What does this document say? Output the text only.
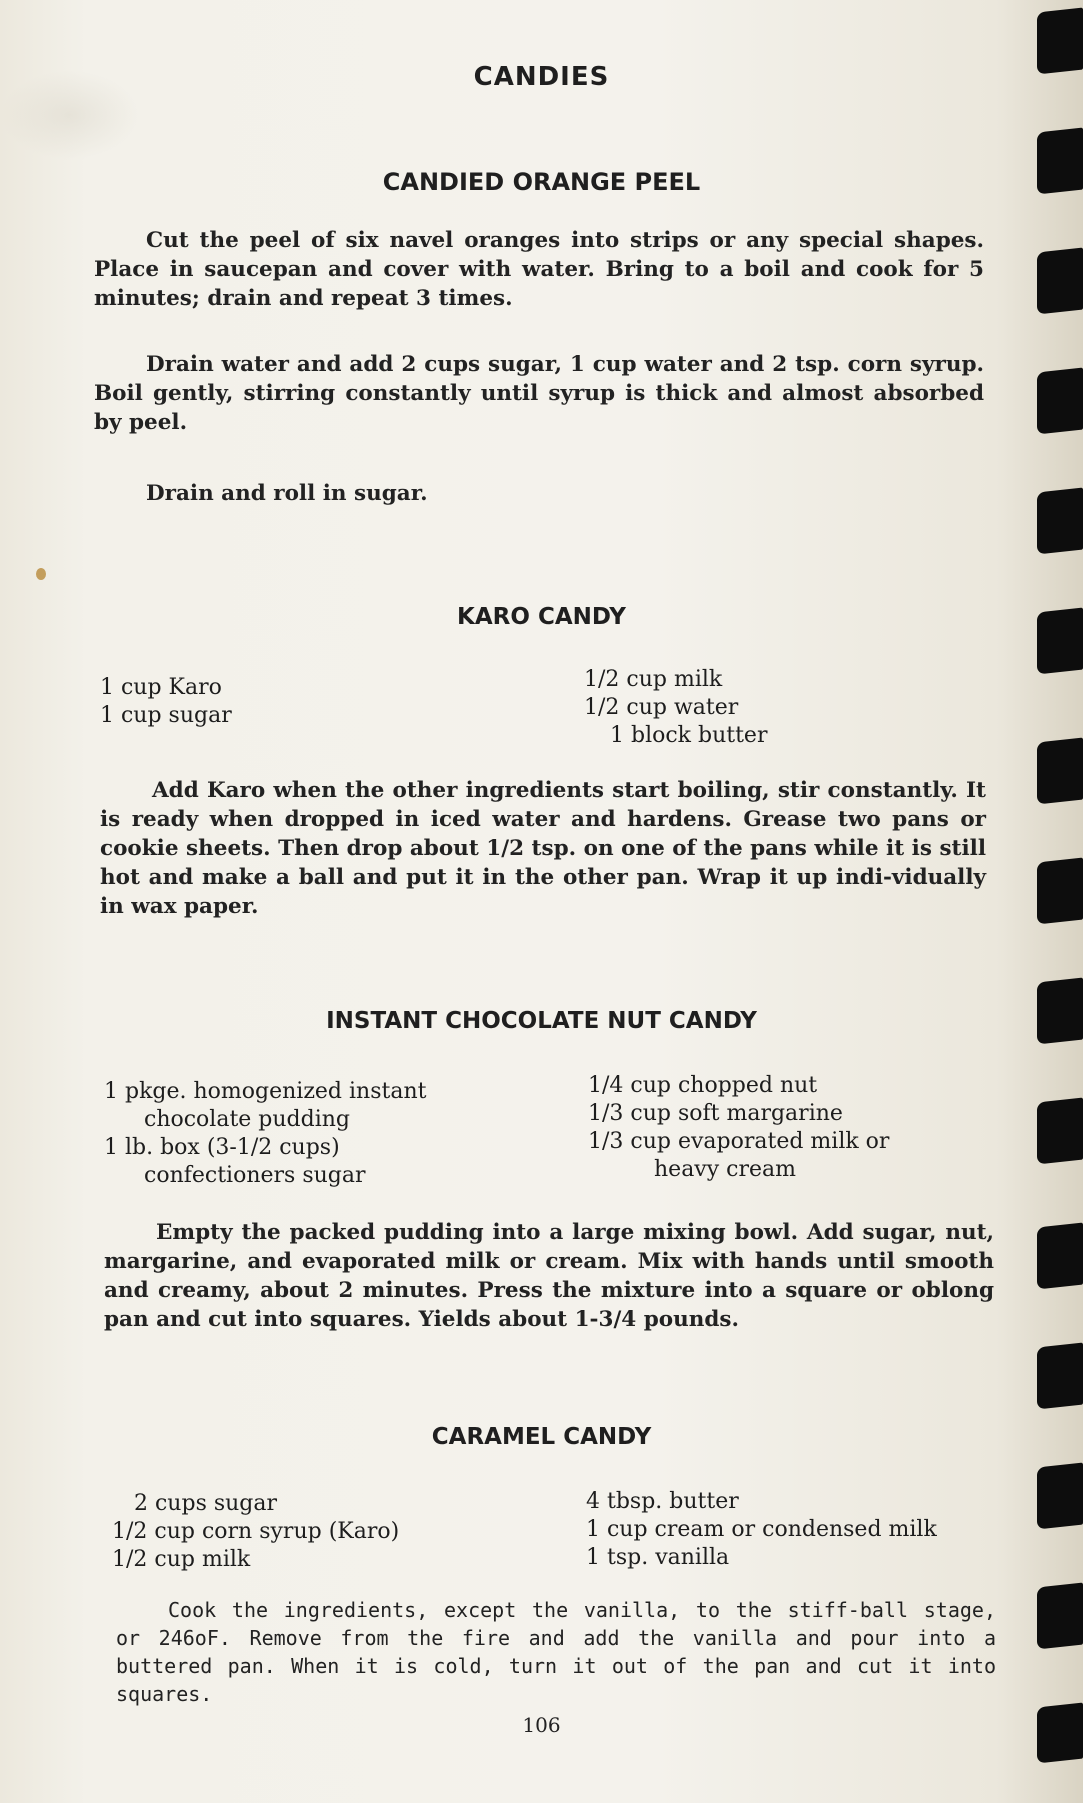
CANDIES
CANDIED ORANGE PEEL

Cut the peel of six navel oranges into strips or any special shapes. Place in saucepan and cover with water. Bring to a boil and cook for 5 minutes; drain and repeat 3 times.

Drain water and add 2 cups sugar, 1 cup water and 2 tsp. corn syrup. Boil gently, stirring constantly until syrup is thick and almost absorbed by peel.

Drain and roll in sugar.

KARO CANDY
1 cup Karo
1 cup sugar
1/2 cup milk
1/2 cup water
1 block butter

Add Karo when the other ingredients start boiling, stir constantly. It is ready when dropped in iced water and hardens. Grease two pans or cookie sheets. Then drop about 1/2 tsp. on one of the pans while it is still hot and make a ball and put it in the other pan. Wrap it up indi-vidually in wax paper.

INSTANT CHOCOLATE NUT CANDY
1 pkge. homogenized instant
chocolate pudding
1 lb. box (3-1/2 cups)
confectioners sugar
1/4 cup chopped nut
1/3 cup soft margarine
1/3 cup evaporated milk or
heavy cream

Empty the packed pudding into a large mixing bowl. Add sugar, nut, margarine, and evaporated milk or cream. Mix with hands until smooth and creamy, about 2 minutes. Press the mixture into a square or oblong pan and cut into squares. Yields about 1-3/4 pounds.

CARAMEL CANDY
2 cups sugar
1/2 cup corn syrup (Karo)
1/2 cup milk
4 tbsp. butter
1 cup cream or condensed milk
1 tsp. vanilla

Cook the ingredients, except the vanilla, to the stiff-ball stage, or 246oF. Remove from the fire and add the vanilla and pour into a buttered pan. When it is cold, turn it out of the pan and cut it into squares.

106
